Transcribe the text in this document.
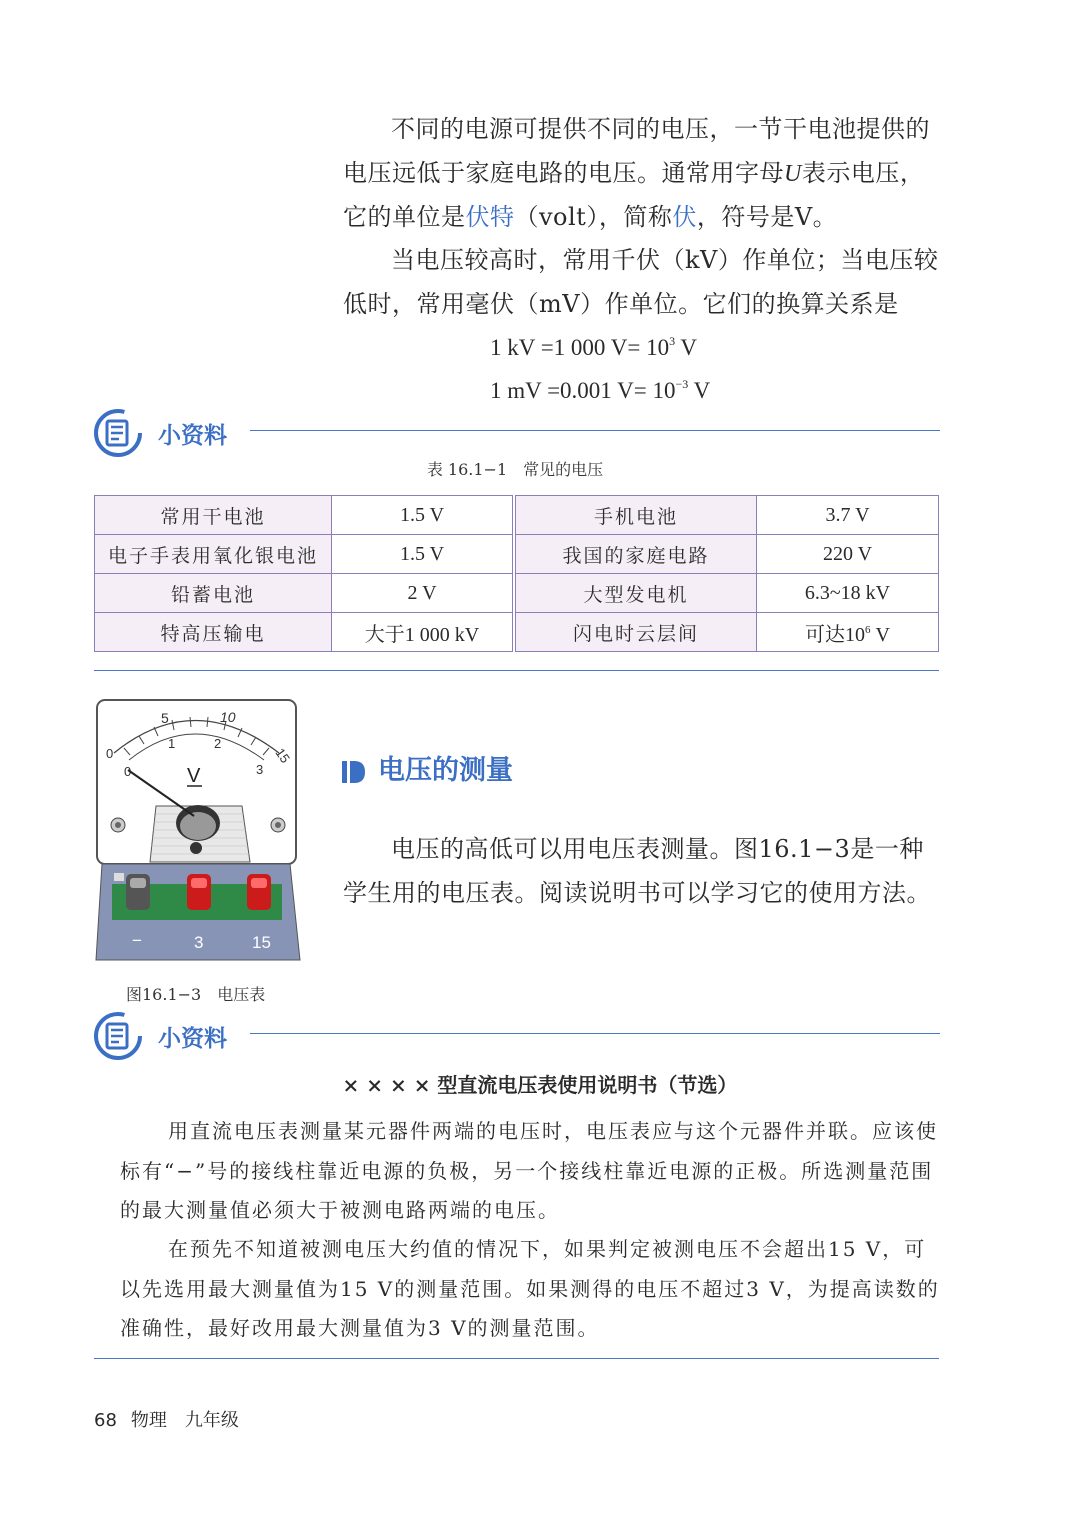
不同的电源可提供不同的电压，一节干电池提供的电压远低于家庭电路的电压。通常用字母U表示电压，它的单位是伏特（volt），简称伏，符号是V。
当电压较高时，常用千伏（kV）作单位；当电压较低时，常用毫伏（mV）作单位。它们的换算关系是
1 kV =1 000 $V= 10^3$ V
1 mV =0.001 $V= 10^{-3}$ V
小资料
表 16.1−1　常见的电压
常用干电池	1.5 V		手机电池	3.7 V
电子手表用氧化银电池	1.5 V		我国的家庭电路	220 V
铅蓄电池	2 V		大型发电机	6.3~18 kV
特高压输电	大于1 000 kV		闪电时云层间	可达$10^6$ V
5	10
15
0
0
1	2
3
V
−	3	15
图16.1−3　电压表
电压的测量
电压的高低可以用电压表测量。图16.1−3是一种学生用的电压表。阅读说明书可以学习它的使用方法。
小资料
× × × × 型直流电压表使用说明书（节选）
用直流电压表测量某元器件两端的电压时，电压表应与这个元器件并联。应该使标有“−”号的接线柱靠近电源的负极，另一个接线柱靠近电源的正极。所选测量范围的最大测量值必须大于被测电路两端的电压。
在预先不知道被测电压大约值的情况下，如果判定被测电压不会超出15 V，可以先选用最大测量值为15 V的测量范围。如果测得的电压不超过3 V，为提高读数的准确性，最好改用最大测量值为3 V的测量范围。
68 物理　九年级
